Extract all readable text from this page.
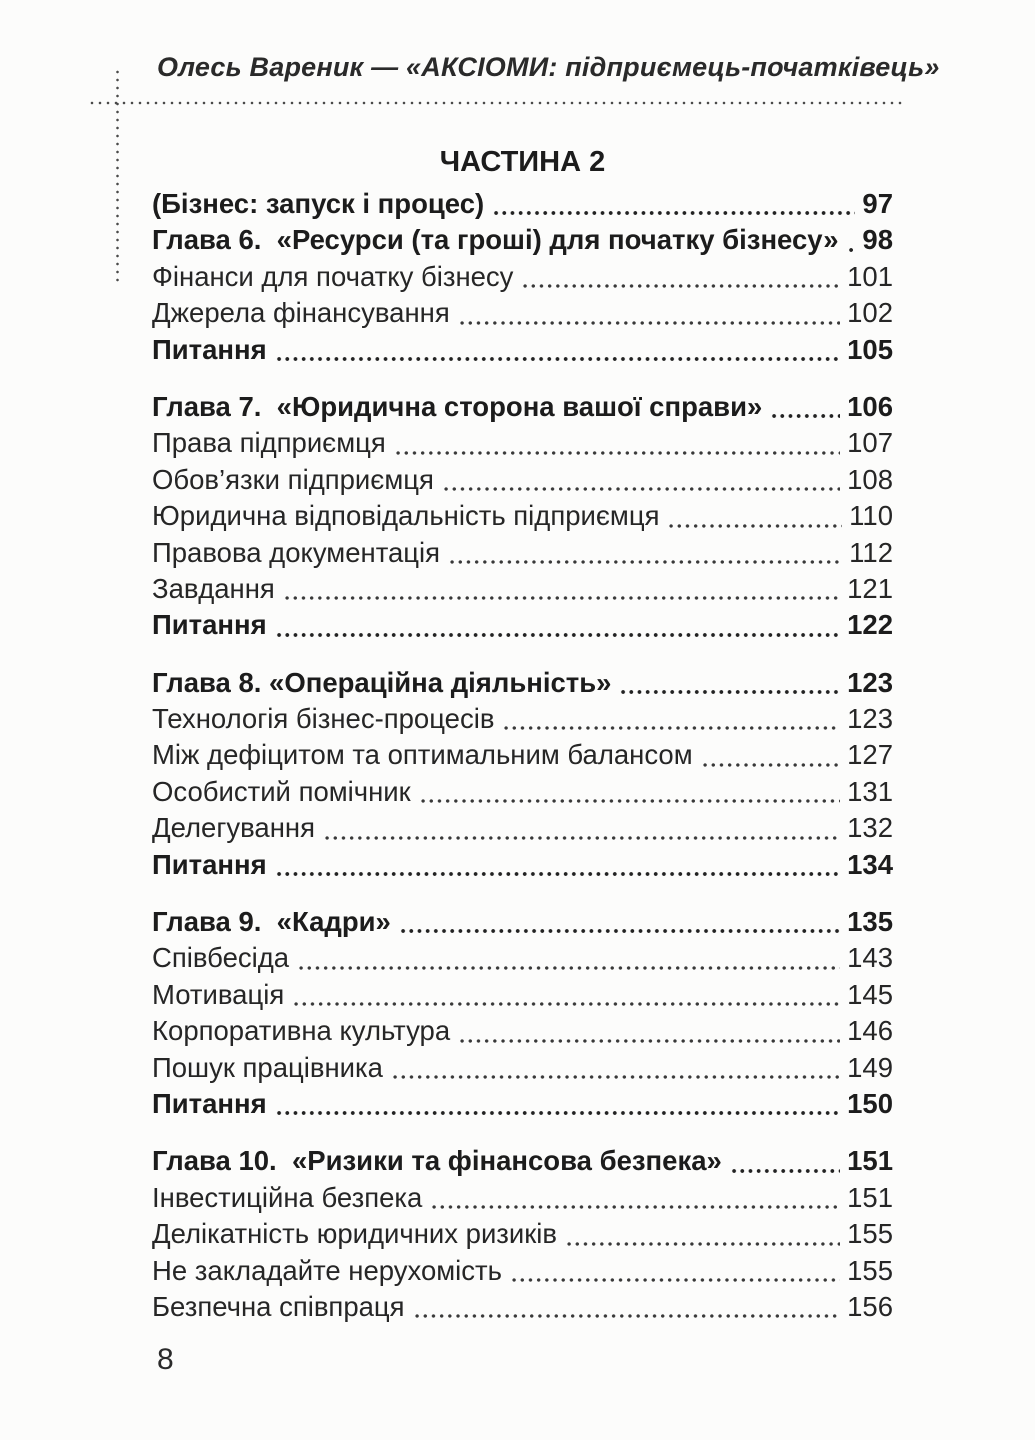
Олесь Вареник — «АКСІОМИ: підприємець-початківець»
ЧАСТИНА 2
(Бізнес: запуск і процес)	97
Глава 6.  «Ресурси (та гроші) для початку бізнесу» 98
Фінанси для початку бізнесу	101
Джерела фінансування	102
Питання	105
Глава 7.  «Юридична сторона вашої справи»	106
Права підприємця	107
Обов’язки підприємця	108
Юридична відповідальність підприємця	110
Правова документація	112
Завдання	121
Питання	122
Глава 8. «Операційна діяльність»	123
Технологія бізнес-процесів	123
Між дефіцитом та оптимальним балансом	127
Особистий помічник	131
Делегування	132
Питання	134
Глава 9.  «Кадри»	135
Співбесіда	143
Мотивація	145
Корпоративна культура	146
Пошук працівника	149
Питання	150
Глава 10.  «Ризики та фінансова безпека»	151
Інвестиційна безпека	151
Делікатність юридичних ризиків	155
Не закладайте нерухомість	155
Безпечна співпраця	156
8
